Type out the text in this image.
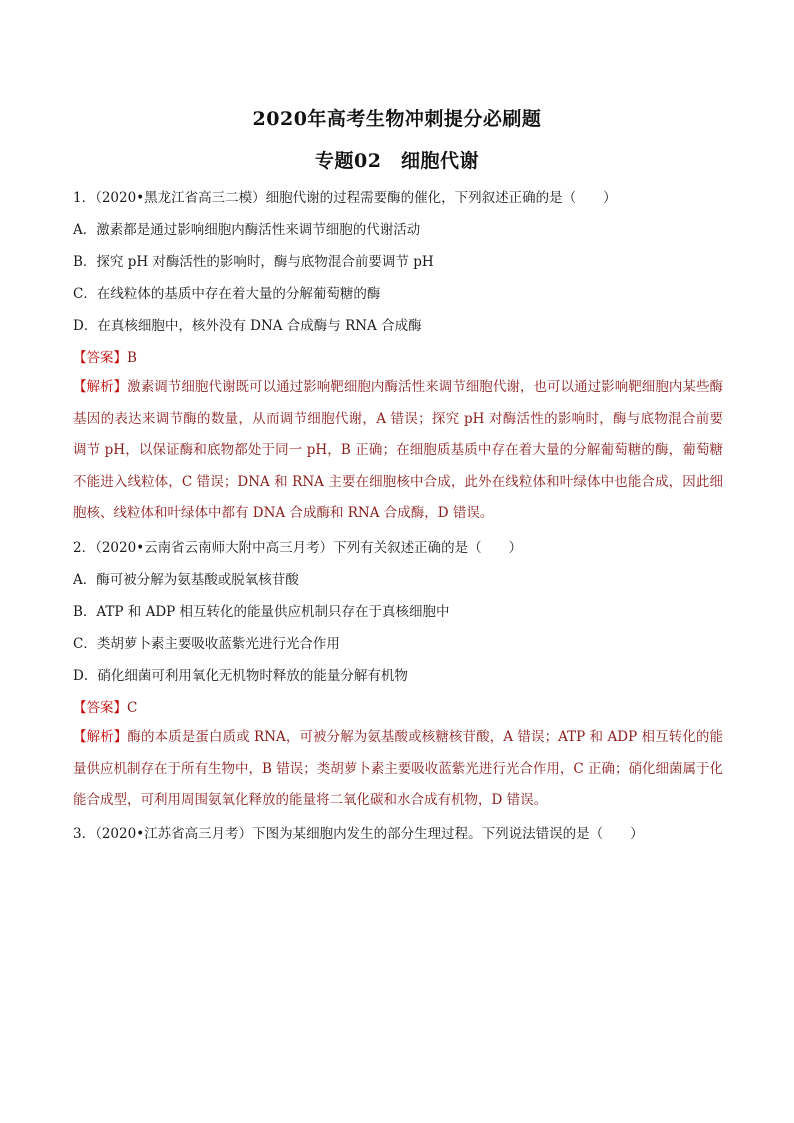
2020年高考生物冲刺提分必刷题
专题02　细胞代谢
1．（2020•黑龙江省高三二模）细胞代谢的过程需要酶的催化，下列叙述正确的是（　　）
A．激素都是通过影响细胞内酶活性来调节细胞的代谢活动
B．探究 pH 对酶活性的影响时，酶与底物混合前要调节 pH
C．在线粒体的基质中存在着大量的分解葡萄糖的酶
D．在真核细胞中，核外没有 DNA 合成酶与 RNA 合成酶
【答案】B
【解析】激素调节细胞代谢既可以通过影响靶细胞内酶活性来调节细胞代谢，也可以通过影响靶细胞内某些酶基因的表达来调节酶的数量，从而调节细胞代谢，A 错误；探究 pH 对酶活性的影响时，酶与底物混合前要调节 pH，以保证酶和底物都处于同一 pH，B 正确；在细胞质基质中存在着大量的分解葡萄糖的酶，葡萄糖不能进入线粒体，C 错误；DNA 和 RNA 主要在细胞核中合成，此外在线粒体和叶绿体中也能合成，因此细胞核、线粒体和叶绿体中都有 DNA 合成酶和 RNA 合成酶，D 错误。
2．（2020•云南省云南师大附中高三月考）下列有关叙述正确的是（　　）
A．酶可被分解为氨基酸或脱氧核苷酸
B．ATP 和 ADP 相互转化的能量供应机制只存在于真核细胞中
C．类胡萝卜素主要吸收蓝紫光进行光合作用
D．硝化细菌可利用氧化无机物时释放的能量分解有机物
【答案】C
【解析】酶的本质是蛋白质或 RNA，可被分解为氨基酸或核糖核苷酸，A 错误；ATP 和 ADP 相互转化的能量供应机制存在于所有生物中，B 错误；类胡萝卜素主要吸收蓝紫光进行光合作用，C 正确；硝化细菌属于化能合成型，可利用周围氨氧化释放的能量将二氧化碳和水合成有机物，D 错误。
3．（2020•江苏省高三月考）下图为某细胞内发生的部分生理过程。下列说法错误的是（　　）
